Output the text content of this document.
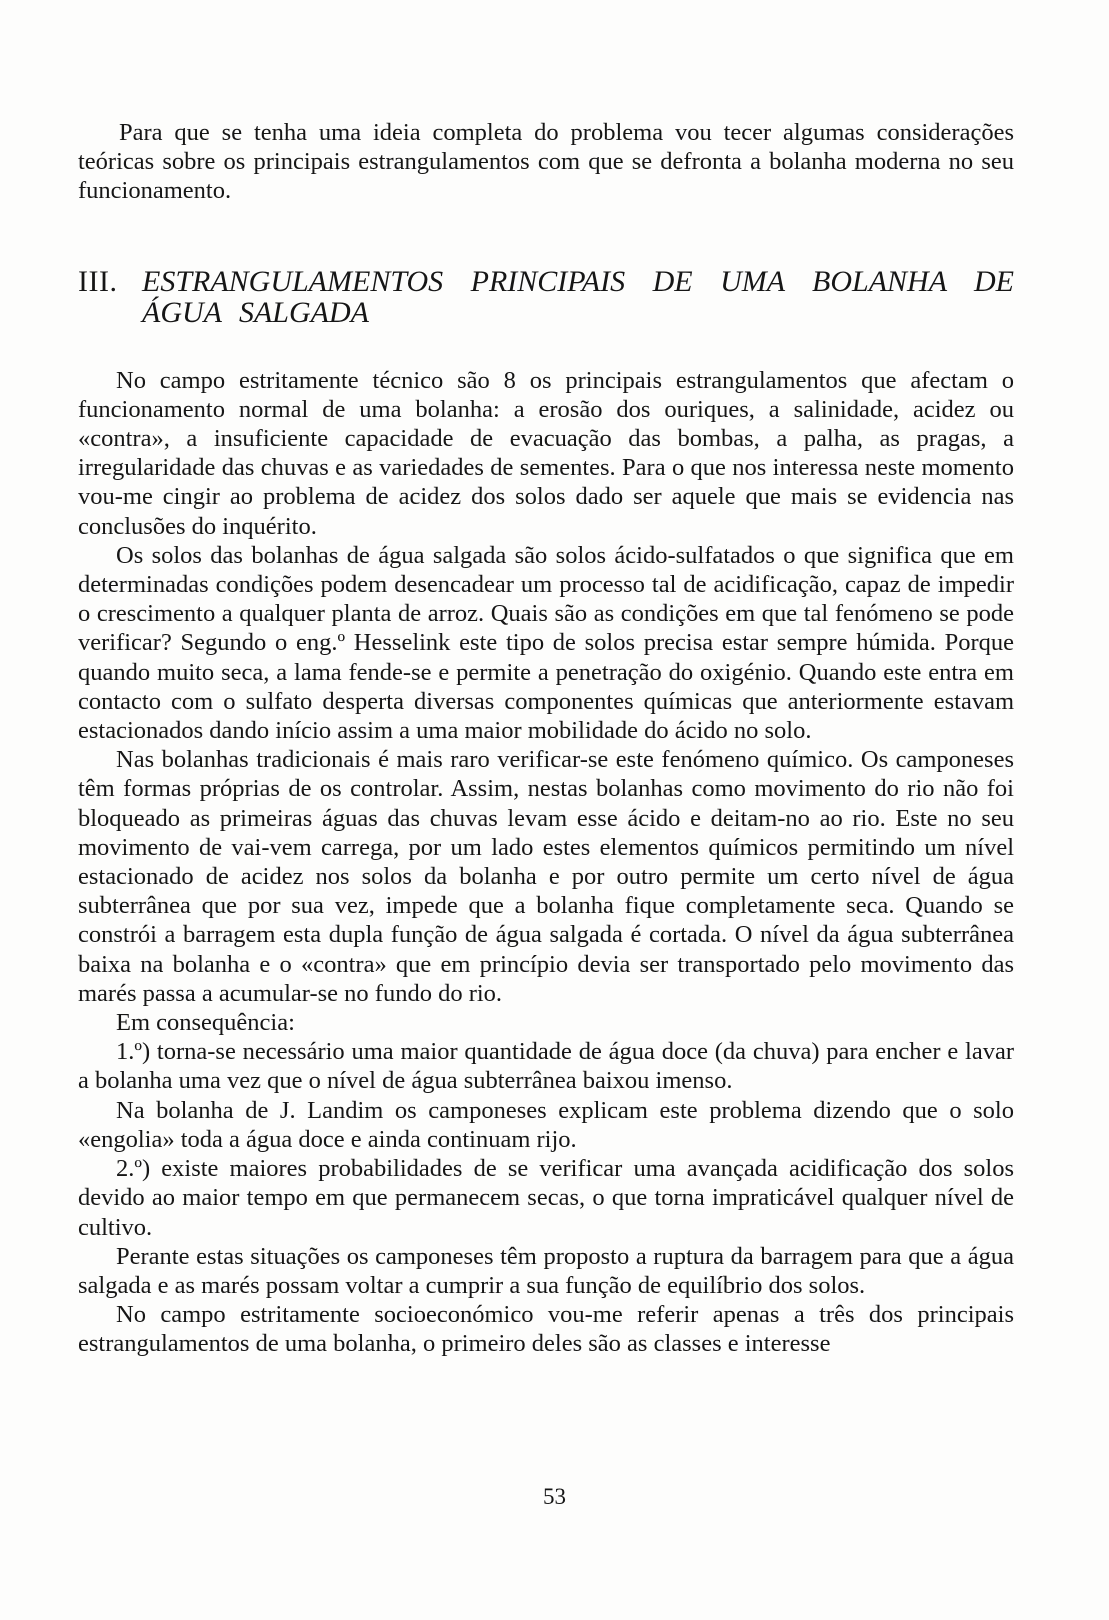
Para que se tenha uma ideia completa do problema vou tecer algumas considerações teóricas sobre os principais estrangulamentos com que se defronta a bolanha moderna no seu funcionamento.

III. ESTRANGULAMENTOS PRINCIPAIS DE UMA BOLANHA DE ÁGUA SALGADA

No campo estritamente técnico são 8 os principais estrangulamentos que afectam o funcionamento normal de uma bolanha: a erosão dos ouriques, a salinidade, acidez ou «contra», a insuficiente capacidade de evacuação das bombas, a palha, as pragas, a irregularidade das chuvas e as variedades de sementes. Para o que nos interessa neste momento vou-me cingir ao problema de acidez dos solos dado ser aquele que mais se evidencia nas conclusões do inquérito.

Os solos das bolanhas de água salgada são solos ácido-sulfatados o que significa que em determinadas condições podem desencadear um processo tal de acidificação, capaz de impedir o crescimento a qualquer planta de arroz. Quais são as condições em que tal fenómeno se pode verificar? Segundo o eng.º Hesselink este tipo de solos precisa estar sempre húmida. Porque quando muito seca, a lama fende-se e permite a penetração do oxigénio. Quando este entra em contacto com o sulfato desperta diversas componentes químicas que anteriormente estavam estacionados dando início assim a uma maior mobilidade do ácido no solo.

Nas bolanhas tradicionais é mais raro verificar-se este fenómeno químico. Os camponeses têm formas próprias de os controlar. Assim, nestas bolanhas como movimento do rio não foi bloqueado as primeiras águas das chuvas levam esse ácido e deitam-no ao rio. Este no seu movimento de vai-vem carrega, por um lado estes elementos químicos permitindo um nível estacionado de acidez nos solos da bolanha e por outro permite um certo nível de água subterrânea que por sua vez, impede que a bolanha fique completamente seca. Quando se constrói a barragem esta dupla função de água salgada é cortada. O nível da água subterrânea baixa na bolanha e o «contra» que em princípio devia ser transportado pelo movimento das marés passa a acumular-se no fundo do rio.

Em consequência:

1.º) torna-se necessário uma maior quantidade de água doce (da chuva) para encher e lavar a bolanha uma vez que o nível de água subterrânea baixou imenso.

Na bolanha de J. Landim os camponeses explicam este problema dizendo que o solo «engolia» toda a água doce e ainda continuam rijo.

2.º) existe maiores probabilidades de se verificar uma avançada acidificação dos solos devido ao maior tempo em que permanecem secas, o que torna impraticável qualquer nível de cultivo.

Perante estas situações os camponeses têm proposto a ruptura da barragem para que a água salgada e as marés possam voltar a cumprir a sua função de equilíbrio dos solos.

No campo estritamente socioeconómico vou-me referir apenas a três dos principais estrangulamentos de uma bolanha, o primeiro deles são as classes e interesse

53
